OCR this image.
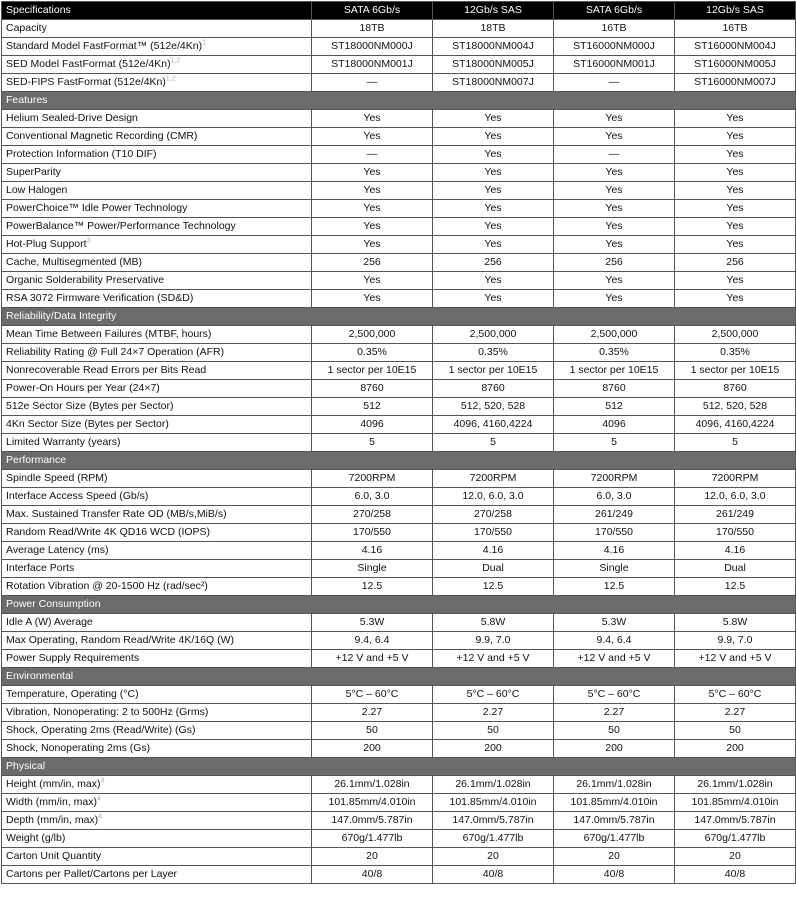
Specifications	SATA 6Gb/s	12Gb/s SAS	SATA 6Gb/s	12Gb/s SAS
Capacity	18TB	18TB	16TB	16TB
Standard Model FastFormat™ (512e/4Kn)$^1$	ST18000NM000J	ST18000NM004J	ST16000NM000J	ST16000NM004J
SED Model FastFormat (512e/4Kn)$^{1,2}$	ST18000NM001J	ST18000NM005J	ST16000NM001J	ST16000NM005J
SED-FIPS FastFormat (512e/4Kn)$^{1,2}$	—	ST18000NM007J	—	ST16000NM007J
Features				
Helium Sealed-Drive Design	Yes	Yes	Yes	Yes
Conventional Magnetic Recording (CMR)	Yes	Yes	Yes	Yes
Protection Information (T10 DIF)	—	Yes	—	Yes
SuperParity	Yes	Yes	Yes	Yes
Low Halogen	Yes	Yes	Yes	Yes
PowerChoice™ Idle Power Technology	Yes	Yes	Yes	Yes
PowerBalance™ Power/Performance Technology	Yes	Yes	Yes	Yes
Hot-Plug Support$^3$	Yes	Yes	Yes	Yes
Cache, Multisegmented (MB)	256	256	256	256
Organic Solderability Preservative	Yes	Yes	Yes	Yes
RSA 3072 Firmware Verification (SD&D)	Yes	Yes	Yes	Yes
Reliability/Data Integrity				
Mean Time Between Failures (MTBF, hours)	2,500,000	2,500,000	2,500,000	2,500,000
Reliability Rating @ Full 24×7 Operation (AFR)	0.35%	0.35%	0.35%	0.35%
Nonrecoverable Read Errors per Bits Read	1 sector per 10E15	1 sector per 10E15	1 sector per 10E15	1 sector per 10E15
Power-On Hours per Year (24×7)	8760	8760	8760	8760
512e Sector Size (Bytes per Sector)	512	512, 520, 528	512	512, 520, 528
4Kn Sector Size (Bytes per Sector)	4096	4096, 4160,4224	4096	4096, 4160,4224
Limited Warranty (years)	5	5	5	5
Performance				
Spindle Speed (RPM)	7200RPM	7200RPM	7200RPM	7200RPM
Interface Access Speed (Gb/s)	6.0, 3.0	12.0, 6.0, 3.0	6.0, 3.0	12.0, 6.0, 3.0
Max. Sustained Transfer Rate OD (MB/s,MiB/s)	270/258	270/258	261/249	261/249
Random Read/Write 4K QD16 WCD (IOPS)	170/550	170/550	170/550	170/550
Average Latency (ms)	4.16	4.16	4.16	4.16
Interface Ports	Single	Dual	Single	Dual
Rotation Vibration @ 20-1500 Hz (rad/sec²)	12.5	12.5	12.5	12.5
Power Consumption				
Idle A (W) Average	5.3W	5.8W	5.3W	5.8W
Max Operating, Random Read/Write 4K/16Q (W)	9.4, 6.4	9.9, 7.0	9.4, 6.4	9.9, 7.0
Power Supply Requirements	+12 V and +5 V	+12 V and +5 V	+12 V and +5 V	+12 V and +5 V
Environmental				
Temperature, Operating (°C)	5°C – 60°C	5°C – 60°C	5°C – 60°C	5°C – 60°C
Vibration, Nonoperating: 2 to 500Hz (Grms)	2.27	2.27	2.27	2.27
Shock, Operating 2ms (Read/Write) (Gs)	50	50	50	50
Shock, Nonoperating 2ms (Gs)	200	200	200	200
Physical				
Height (mm/in, max)$^4$	26.1mm/1.028in	26.1mm/1.028in	26.1mm/1.028in	26.1mm/1.028in
Width (mm/in, max)$^4$	101.85mm/4.010in	101.85mm/4.010in	101.85mm/4.010in	101.85mm/4.010in
Depth (mm/in, max)$^4$	147.0mm/5.787in	147.0mm/5.787in	147.0mm/5.787in	147.0mm/5.787in
Weight (g/lb)	670g/1.477lb	670g/1.477lb	670g/1.477lb	670g/1.477lb
Carton Unit Quantity	20	20	20	20
Cartons per Pallet/Cartons per Layer	40/8	40/8	40/8	40/8
